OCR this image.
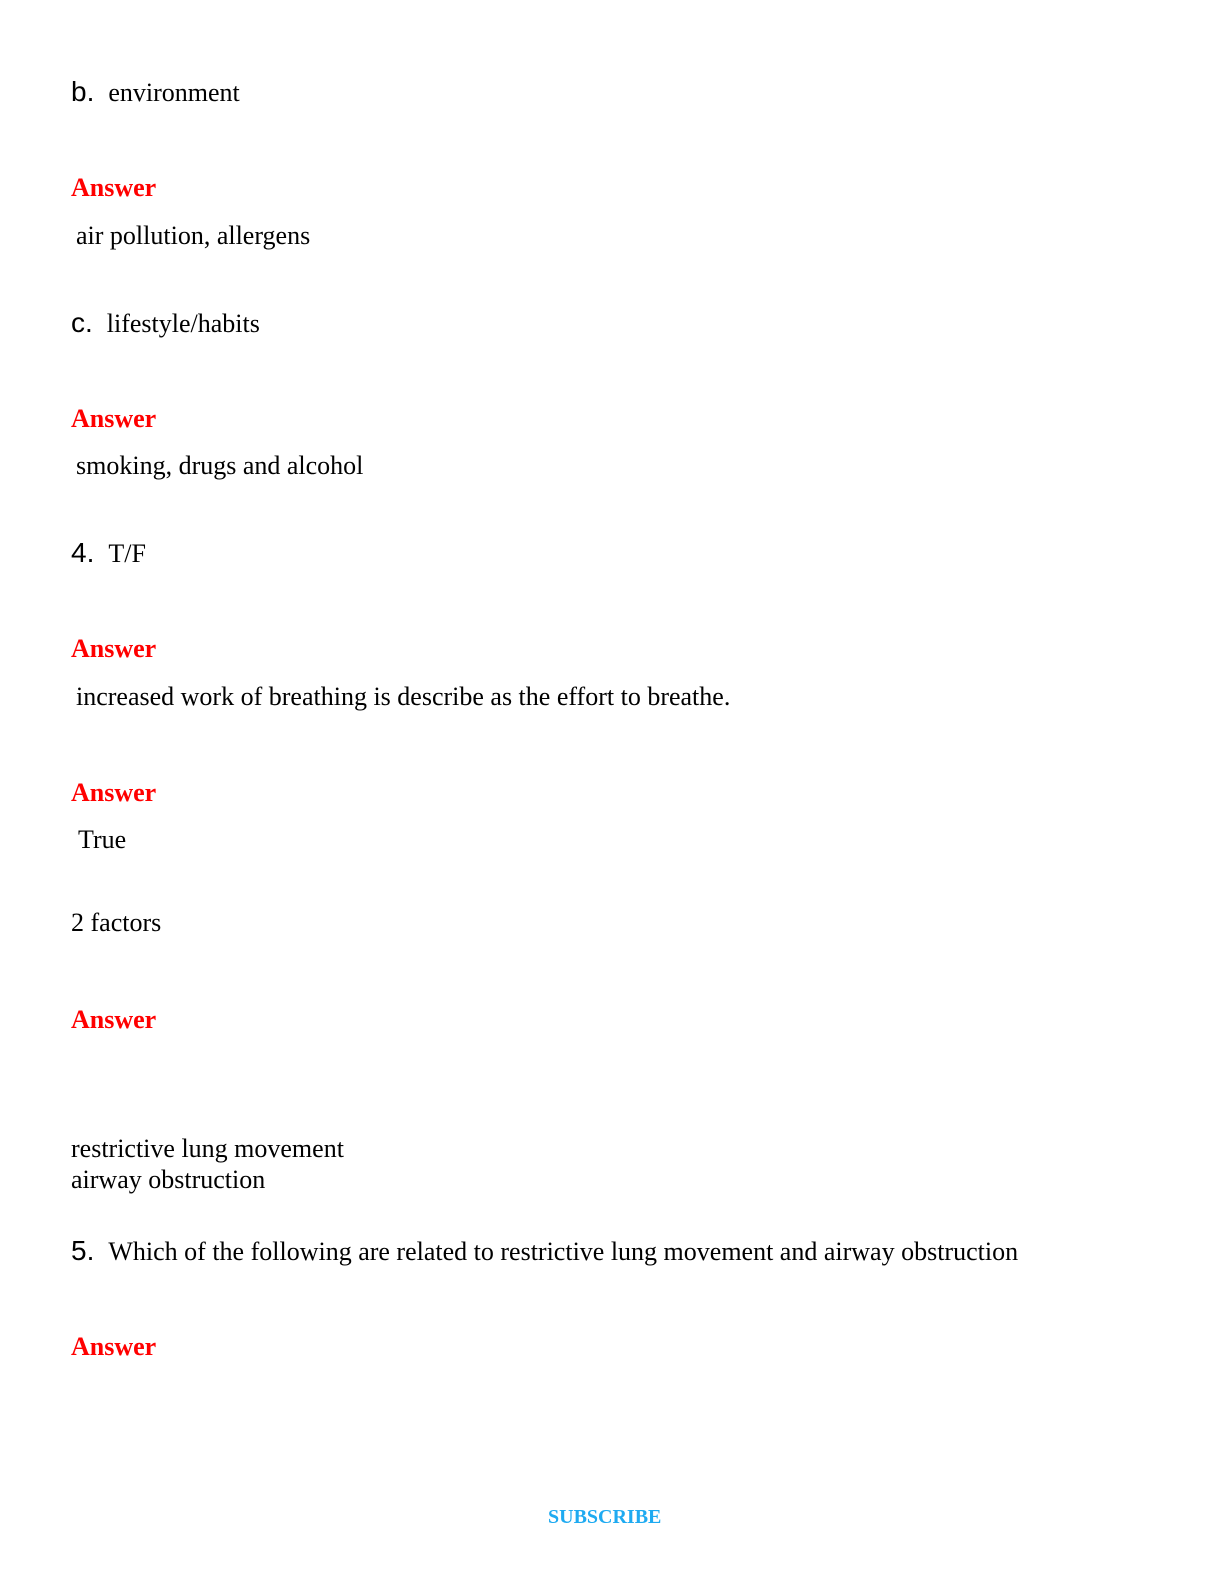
b. environment
Answer
air pollution, allergens
c. lifestyle/habits
Answer
smoking, drugs and alcohol
4. T/F
Answer
increased work of breathing is describe as the effort to breathe.
Answer
True
2 factors
Answer
restrictive lung movement
airway obstruction
5. Which of the following are related to restrictive lung movement and airway obstruction
Answer
SUBSCRIBE
